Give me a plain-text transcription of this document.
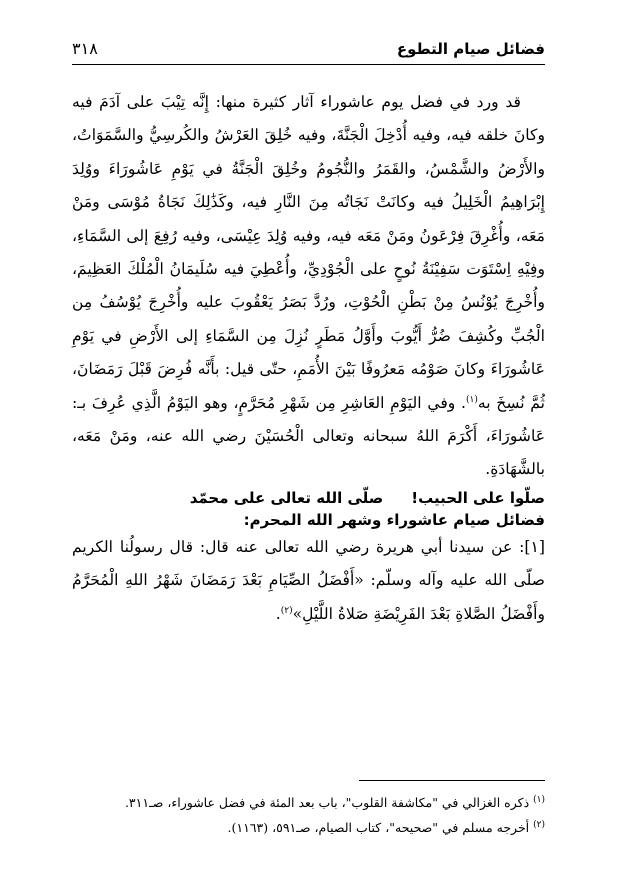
فضائل صيام التطوع
٣١٨

قد ورد في فضل يوم عاشوراء آثار كثيرة منها: إِنَّه تِيْبَ على آدَمَ فيه وكانَ خلقه فيه، وفيه أُدْخِلَ الْجَنَّةَ، وفيه خُلِقَ العَرْشُ والكُرسِيُّ والسَّمَوَاتُ، والأَرْضُ والشَّمْسُ، والقَمَرُ والنُّجُومُ وخُلِقَ الْجَنَّةُ في يَوْمِ عَاشُورَاءَ ووُلِدَ إِبْرَاهِيمُ الْخَلِيلُ فيه وكانَتْ نَجَاتُه مِنَ النَّارِ فيه، وكَذَٰلِكَ نَجَاةُ مُوْسَى ومَنْ مَعَه، وأُغْرِقَ فِرْعَونُ ومَنْ مَعَه فيه، وفيه وُلِدَ عِيْسَى، وفيه رُفِعَ إلى السَّمَاءِ، وفِيْهِ اِسْتَوَت سَفِيْنَةُ نُوحٍ على الْجُوْدِيِّ، وأُعْطِيَ فيه سُلَيمَانُ الْمُلْكَ العَظِيمَ، وأُخْرِجَ يُوْنُسُ مِنْ بَطْنِ الْحُوْتِ، ورُدَّ بَصَرُ يَعْقُوبَ عليه وأُخْرِجَ يُوْسُفُ مِن الْجُبِّ وكُشِفَ ضُرُّ أَيُّوبَ وأَوَّلُ مَطَرٍ نُزِلَ مِن السَّمَاءِ إلى الأَرْضِ في يَوْمِ عَاشُورَاءَ وكانَ صَوْمُه مَعرُوفًا بَيْنَ الأُمَمِ، حتّى قيل: بأَنَّه فُرِضَ قَبْلَ رَمَضَانَ، ثُمَّ نُسِخَ به$^{(١)}$. وفي اليَوْمِ العَاشِرِ مِن شَهْرِ مُحَرَّمٍ، وهو اليَوْمُ الَّذِي عُرِفَ بـ: عَاشُورَاءَ، أَكْرَمَ اللهُ سبحانه وتعالى الْحُسَيْنَ رضي الله عنه، ومَنْ مَعَه، بالشَّهَادَةِ.

صلّوا على الحبيب!صلّى الله تعالى على محمّد

فضائل صيام عاشوراء وشهر الله المحرم:

[١]: عن سيدنا أبي هريرة رضي الله تعالى عنه قال: قال رسولُنا الكريم صلّى الله عليه وآله وسلّم: «أَفْضَلُ الصِّيَامِ بَعْدَ رَمَضَانَ شَهْرُ اللهِ الْمُحَرَّمُ وأَفْضَلُ الصَّلاةِ بَعْدَ الفَرِيْضَةِ صَلاةُ اللَّيْلِ»$^{(٢)}$.

$^{(١)}$ ذكره الغزالي في "مكاشفة القلوب"، باب بعد المئة في فضل عاشوراء، صـ٣١١.

$^{(٢)}$ أخرجه مسلم في "صحيحه"، كتاب الصيام، صـ٥٩١، (١١٦٣).
